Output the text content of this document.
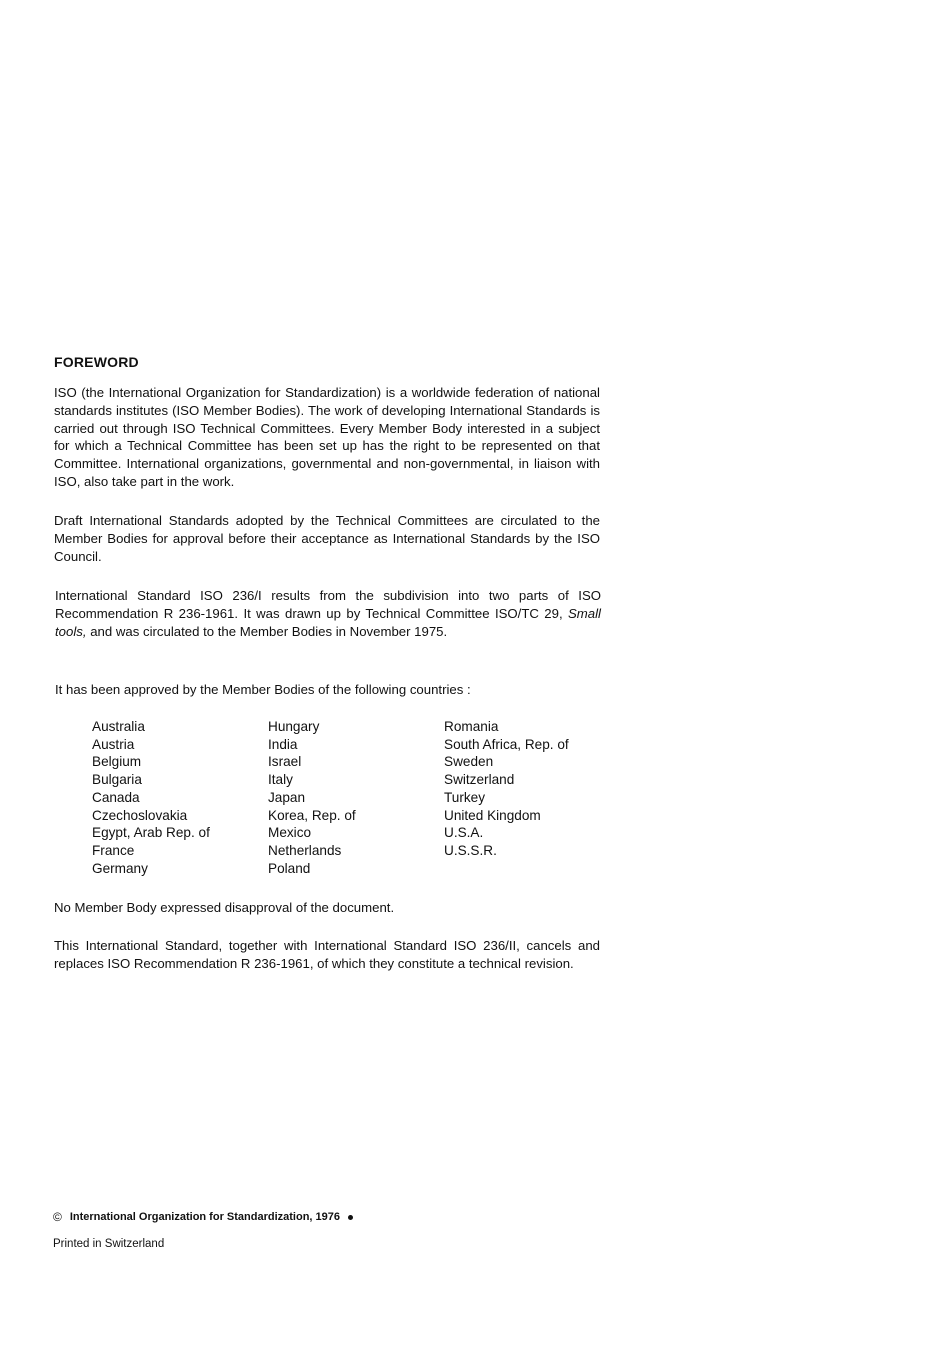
FOREWORD

ISO (the International Organization for Standardization) is a worldwide federation of national standards institutes (ISO Member Bodies). The work of developing International Standards is carried out through ISO Technical Committees. Every Member Body interested in a subject for which a Technical Committee has been set up has the right to be represented on that Committee. International organizations, governmental and non-governmental, in liaison with ISO, also take part in the work.

Draft International Standards adopted by the Technical Committees are circulated to the Member Bodies for approval before their acceptance as International Standards by the ISO Council.

International Standard ISO 236/I results from the subdivision into two parts of ISO Recommendation R 236-1961. It was drawn up by Technical Committee ISO/TC 29, Small tools, and was circulated to the Member Bodies in November 1975.

It has been approved by the Member Bodies of the following countries :

Australia
Austria
Belgium
Bulgaria
Canada
Czechoslovakia
Egypt, Arab Rep. of
France
Germany
Hungary
India
Israel
Italy
Japan
Korea, Rep. of
Mexico
Netherlands
Poland
Romania
South Africa, Rep. of
Sweden
Switzerland
Turkey
United Kingdom
U.S.A.
U.S.S.R.

No Member Body expressed disapproval of the document.

This International Standard, together with International Standard ISO 236/II, cancels and replaces ISO Recommendation R 236-1961, of which they constitute a technical revision.

© International Organization for Standardization, 1976
Printed in Switzerland
